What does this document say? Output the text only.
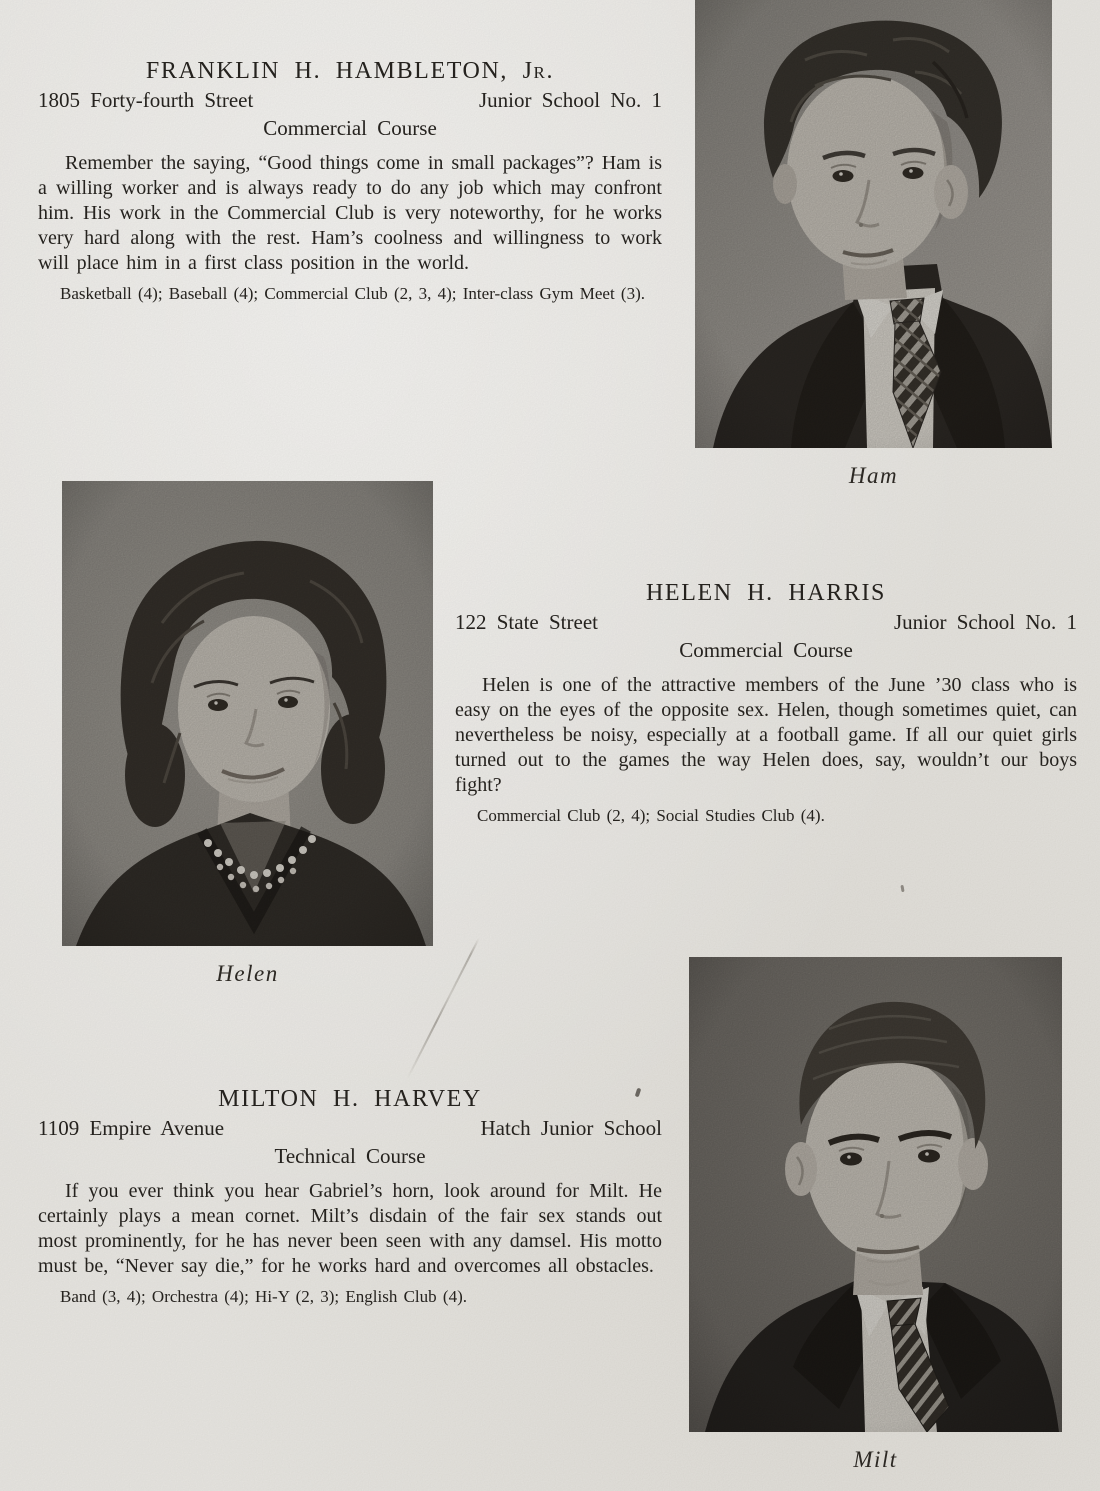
FRANKLIN H. HAMBLETON, Jr.
1805 Forty-fourth Street	Junior School No. 1
Commercial Course

Remember the saying, “Good things come in small packages”? Ham is a willing worker and is always ready to do any job which may confront him. His work in the Commercial Club is very noteworthy, for he works very hard along with the rest. Ham’s coolness and willingness to work will place him in a first class position in the world.

Basketball (4); Baseball (4); Commercial Club (2, 3, 4); Inter-class Gym Meet (3).

Ham
Helen
HELEN H. HARRIS
122 State Street	Junior School No. 1
Commercial Course

Helen is one of the attractive members of the June ’30 class who is easy on the eyes of the opposite sex. Helen, though sometimes quiet, can nevertheless be noisy, especially at a football game. If all our quiet girls turned out to the games the way Helen does, say, wouldn’t our boys fight?

Commercial Club (2, 4); Social Studies Club (4).

MILTON H. HARVEY
1109 Empire Avenue	Hatch Junior School
Technical Course

If you ever think you hear Gabriel’s horn, look around for Milt. He certainly plays a mean cornet. Milt’s disdain of the fair sex stands out most prominently, for he has never been seen with any damsel. His motto must be, “Never say die,” for he works hard and overcomes all obstacles.

Band (3, 4); Orchestra (4); Hi-Y (2, 3); English Club (4).

Milt
